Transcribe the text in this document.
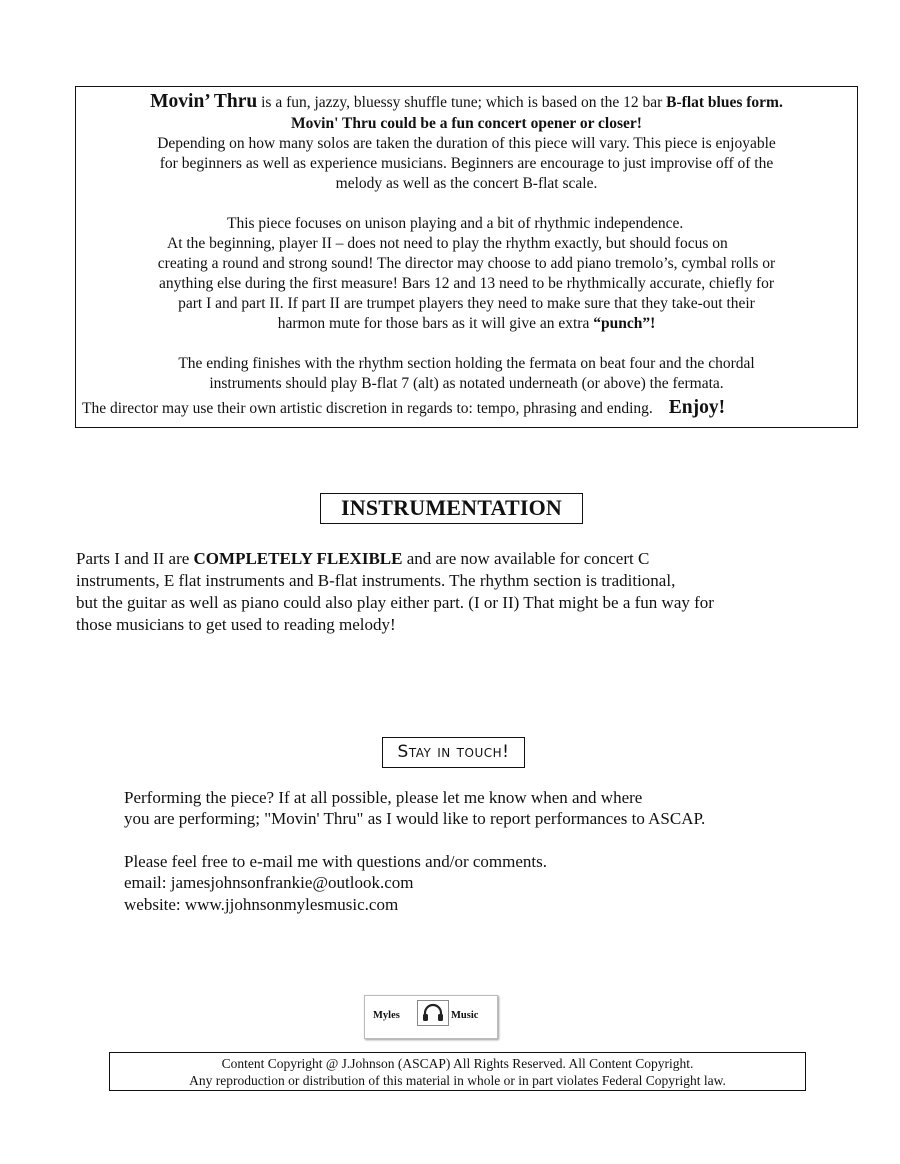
Movin’ Thru is a fun, jazzy, bluessy shuffle tune; which is based on the 12 bar B-flat blues form.
Movin' Thru could be a fun concert opener or closer!
Depending on how many solos are taken the duration of this piece will vary. This piece is enjoyable
for beginners as well as experience musicians. Beginners are encourage to just improvise off of the
melody as well as the concert B-flat scale.
This piece focuses on unison playing and a bit of rhythmic independence.
At the beginning, player II – does not need to play the rhythm exactly, but should focus on
creating a round and strong sound! The director may choose to add piano tremolo’s, cymbal rolls or
anything else during the first measure! Bars 12 and 13 need to be rhythmically accurate, chiefly for
part I and part II. If part II are trumpet players they need to make sure that they take-out their
harmon mute for those bars as it will give an extra “punch”!
The ending finishes with the rhythm section holding the fermata on beat four and the chordal
instruments should play B-flat 7 (alt) as notated underneath (or above) the fermata.
The director may use their own artistic discretion in regards to: tempo, phrasing and ending. Enjoy!
INSTRUMENTATION
Parts I and II are COMPLETELY FLEXIBLE and are now available for concert C
instruments, E flat instruments and B-flat instruments. The rhythm section is traditional,
but the guitar as well as piano could also play either part. (I or II) That might be a fun way for
those musicians to get used to reading melody!
Stay in touch!
Performing the piece? If at all possible, please let me know when and where
you are performing; "Movin' Thru" as I would like to report performances to ASCAP.
Please feel free to e-mail me with questions and/or comments.
email: jamesjohnsonfrankie@outlook.com
website: www.jjohnsonmylesmusic.com
Myles	Music
Content Copyright @ J.Johnson (ASCAP) All Rights Reserved. All Content Copyright.
Any reproduction or distribution of this material in whole or in part violates Federal Copyright law.
